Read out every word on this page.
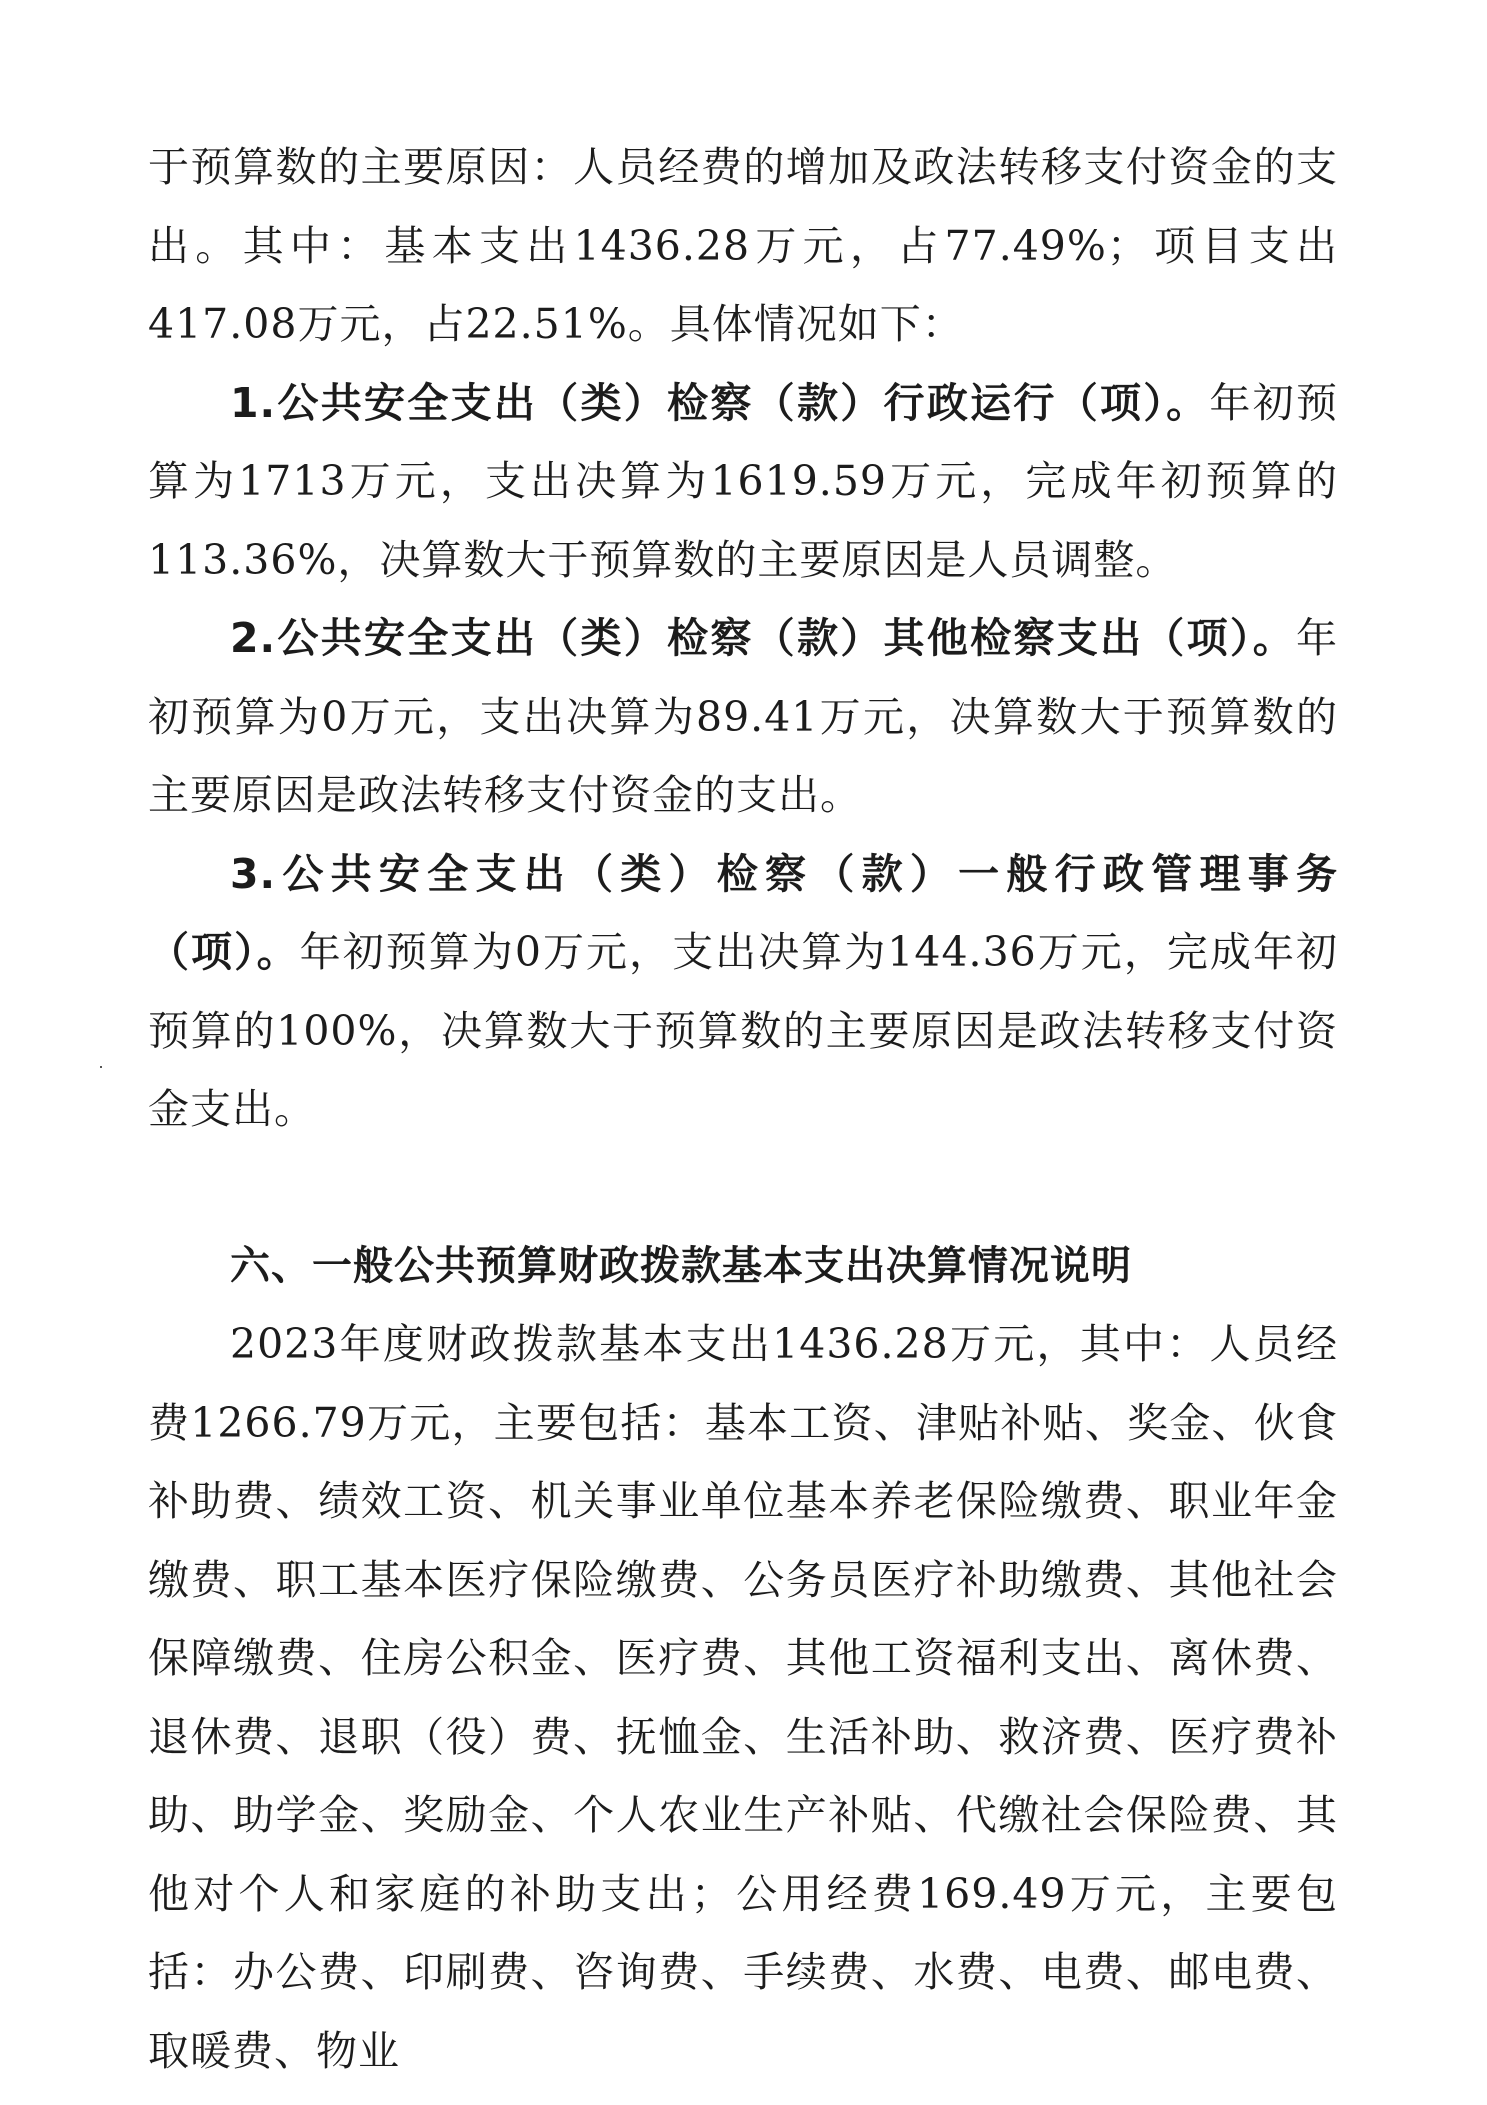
于预算数的主要原因：人员经费的增加及政法转移支付资金的支出。其中：基本支出1436.28万元，占77.49%；项目支出417.08万元，占22.51%。具体情况如下：

1.公共安全支出（类）检察（款）行政运行（项）。年初预算为1713万元，支出决算为1619.59万元，完成年初预算的113.36%，决算数大于预算数的主要原因是人员调整。

2.公共安全支出（类）检察（款）其他检察支出（项）。年初预算为0万元，支出决算为89.41万元，决算数大于预算数的主要原因是政法转移支付资金的支出。

3.公共安全支出（类）检察（款）一般行政管理事务（项）。年初预算为0万元，支出决算为144.36万元，完成年初预算的100%，决算数大于预算数的主要原因是政法转移支付资金支出。

六、一般公共预算财政拨款基本支出决算情况说明

2023年度财政拨款基本支出1436.28万元，其中：人员经费1266.79万元，主要包括：基本工资、津贴补贴、奖金、伙食补助费、绩效工资、机关事业单位基本养老保险缴费、职业年金缴费、职工基本医疗保险缴费、公务员医疗补助缴费、其他社会保障缴费、住房公积金、医疗费、其他工资福利支出、离休费、退休费、退职（役）费、抚恤金、生活补助、救济费、医疗费补助、助学金、奖励金、个人农业生产补贴、代缴社会保险费、其他对个人和家庭的补助支出；公用经费169.49万元，主要包括：办公费、印刷费、咨询费、手续费、水费、电费、邮电费、取暖费、物业
